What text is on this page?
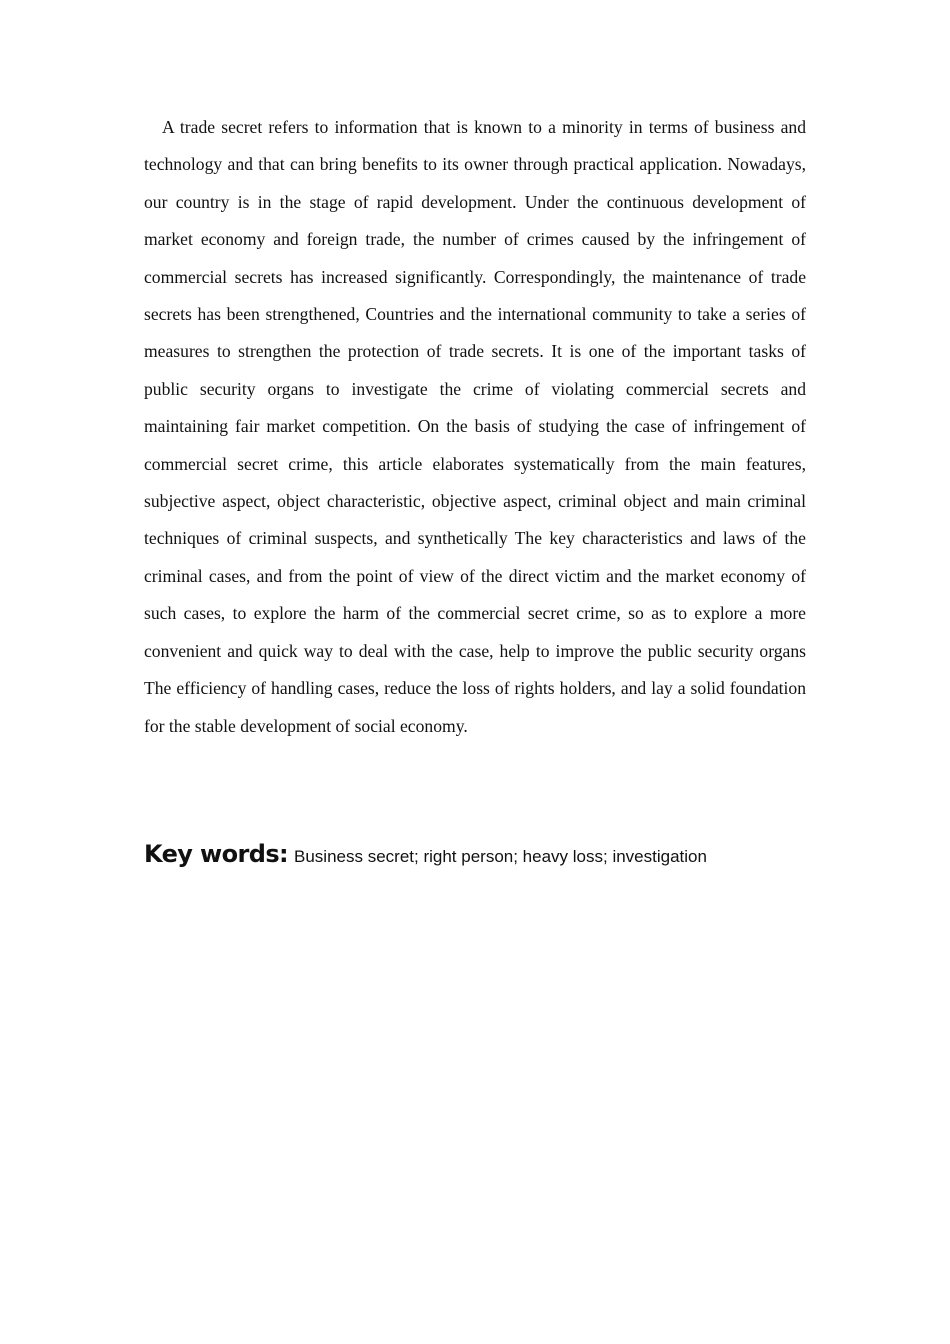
A trade secret refers to information that is known to a minority in terms of business and technology and that can bring benefits to its owner through practical application. Nowadays, our country is in the stage of rapid development. Under the continuous development of market economy and foreign trade, the number of crimes caused by the infringement of commercial secrets has increased significantly. Correspondingly, the maintenance of trade secrets has been strengthened, Countries and the international community to take a series of measures to strengthen the protection of trade secrets. It is one of the important tasks of public security organs to investigate the crime of violating commercial secrets and maintaining fair market competition. On the basis of studying the case of infringement of commercial secret crime, this article elaborates systematically from the main features, subjective aspect, object characteristic, objective aspect, criminal object and main criminal techniques of criminal suspects, and synthetically The key characteristics and laws of the criminal cases, and from the point of view of the direct victim and the market economy of such cases, to explore the harm of the commercial secret crime, so as to explore a more convenient and quick way to deal with the case, help to improve the public security organs The efficiency of handling cases, reduce the loss of rights holders, and lay a solid foundation for the stable development of social economy.

Key words: Business secret; right person; heavy loss; investigation
